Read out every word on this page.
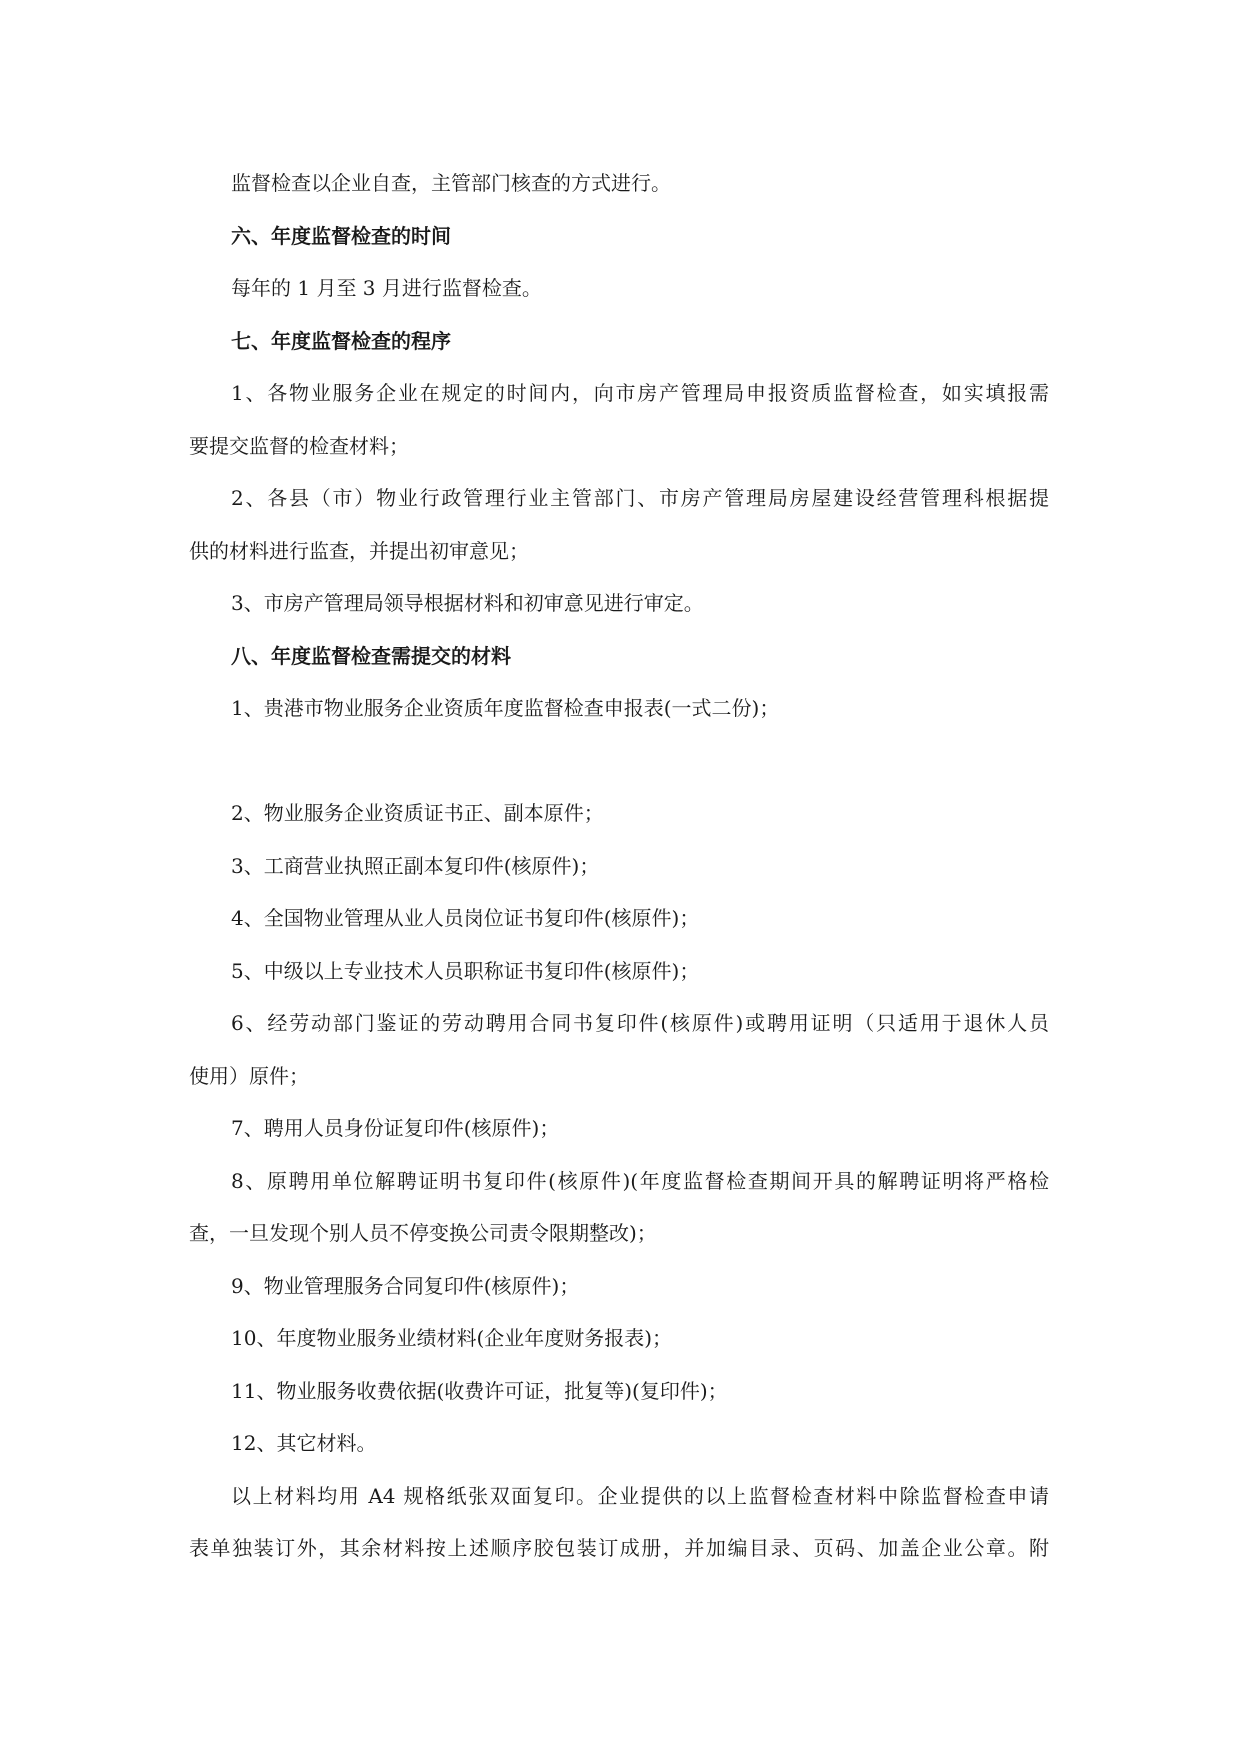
监督检查以企业自查，主管部门核查的方式进行。
六、年度监督检查的时间
每年的 1 月至 3 月进行监督检查。
七、年度监督检查的程序
1、各物业服务企业在规定的时间内，向市房产管理局申报资质监督检查，如实填报需
要提交监督的检查材料；
2、各县（市）物业行政管理行业主管部门、市房产管理局房屋建设经营管理科根据提
供的材料进行监查，并提出初审意见；
3、市房产管理局领导根据材料和初审意见进行审定。
八、年度监督检查需提交的材料
1、贵港市物业服务企业资质年度监督检查申报表(一式二份)；
2、物业服务企业资质证书正、副本原件；
3、工商营业执照正副本复印件(核原件)；
4、全国物业管理从业人员岗位证书复印件(核原件)；
5、中级以上专业技术人员职称证书复印件(核原件)；
6、经劳动部门鉴证的劳动聘用合同书复印件(核原件)或聘用证明（只适用于退休人员
使用）原件；
7、聘用人员身份证复印件(核原件)；
8、原聘用单位解聘证明书复印件(核原件)(年度监督检查期间开具的解聘证明将严格检
查，一旦发现个别人员不停变换公司责令限期整改)；
9、物业管理服务合同复印件(核原件)；
10、年度物业服务业绩材料(企业年度财务报表)；
11、物业服务收费依据(收费许可证，批复等)(复印件)；
12、其它材料。
以上材料均用 A4 规格纸张双面复印。企业提供的以上监督检查材料中除监督检查申请
表单独装订外，其余材料按上述顺序胶包装订成册，并加编目录、页码、加盖企业公章。附
